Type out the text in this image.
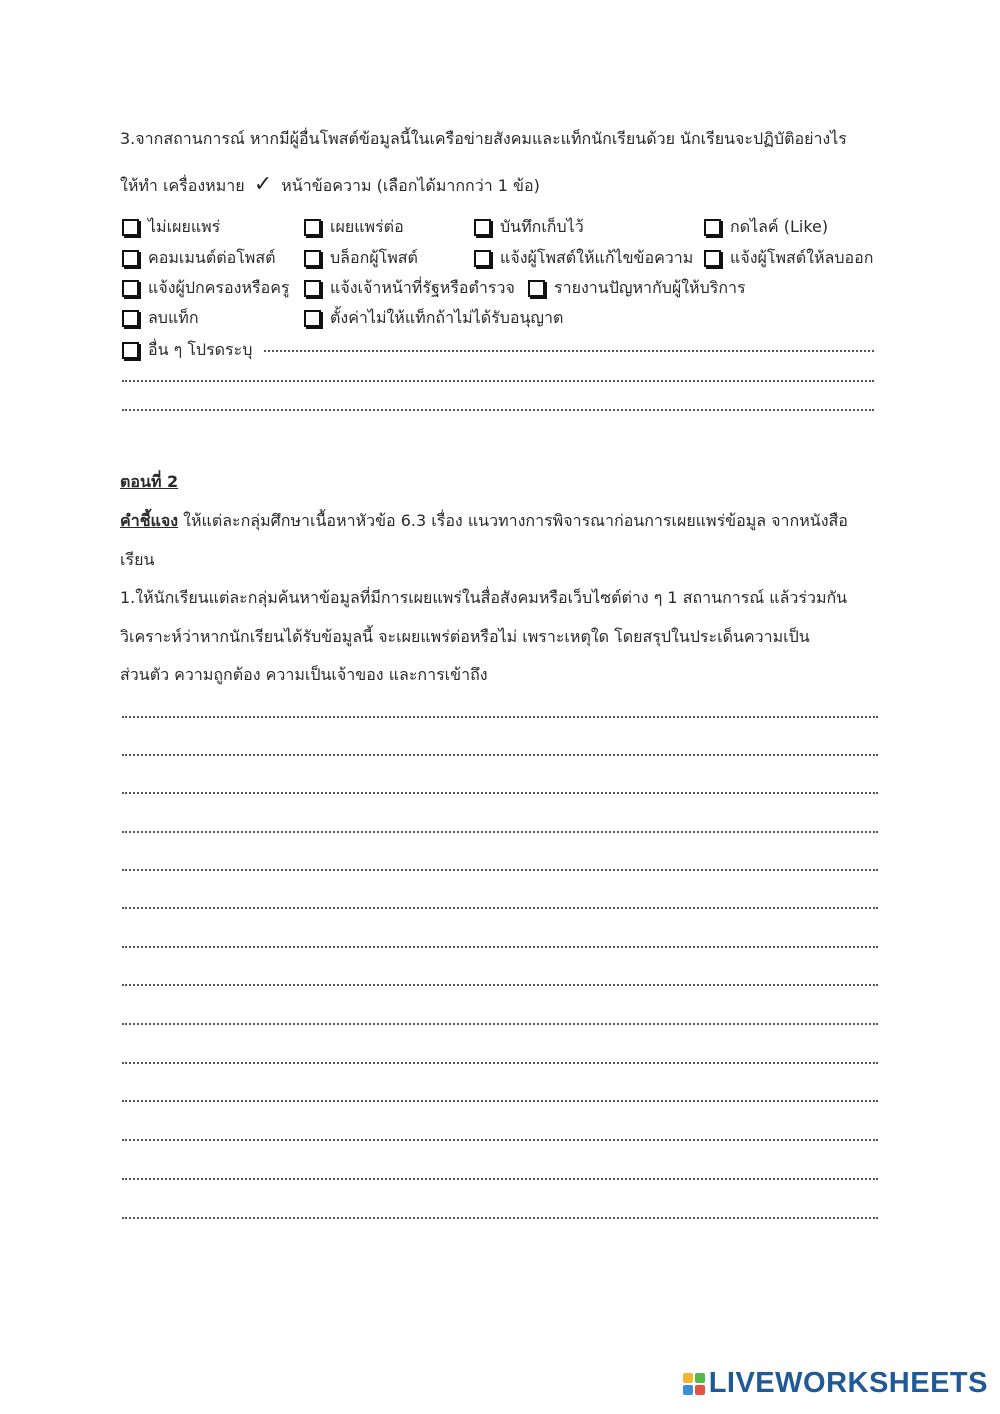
3.จากสถานการณ์ หากมีผู้อื่นโพสต์ข้อมูลนี้ในเครือข่ายสังคมและแท็กนักเรียนด้วย นักเรียนจะปฏิบัติอย่างไร
ให้ทำ เครื่องหมาย ✓ หน้าข้อความ (เลือกได้มากกว่า 1 ข้อ)
ไม่เผยแพร่	เผยแพร่ต่อ	บันทึกเก็บไว้	กดไลค์ (Like)
คอมเมนต์ต่อโพสต์	บล็อกผู้โพสต์	แจ้งผู้โพสต์ให้แก้ไขข้อความ แจ้งผู้โพสต์ให้ลบออก
แจ้งผู้ปกครองหรือครู	แจ้งเจ้าหน้าที่รัฐหรือตำรวจ รายงานปัญหากับผู้ให้บริการ
ลบแท็ก	ตั้งค่าไม่ให้แท็กถ้าไม่ได้รับอนุญาต
อื่น ๆ โปรดระบุ
ตอนที่ 2
คำชี้แจง ให้แต่ละกลุ่มศึกษาเนื้อหาหัวข้อ 6.3 เรื่อง แนวทางการพิจารณาก่อนการเผยแพร่ข้อมูล จากหนังสือ
เรียน
1.ให้นักเรียนแต่ละกลุ่มค้นหาข้อมูลที่มีการเผยแพร่ในสื่อสังคมหรือเว็บไซต์ต่าง ๆ 1 สถานการณ์ แล้วร่วมกัน
วิเคราะห์ว่าหากนักเรียนได้รับข้อมูลนี้ จะเผยแพร่ต่อหรือไม่ เพราะเหตุใด โดยสรุปในประเด็นความเป็น
ส่วนตัว ความถูกต้อง ความเป็นเจ้าของ และการเข้าถึง
LIVEWORKSHEETS
